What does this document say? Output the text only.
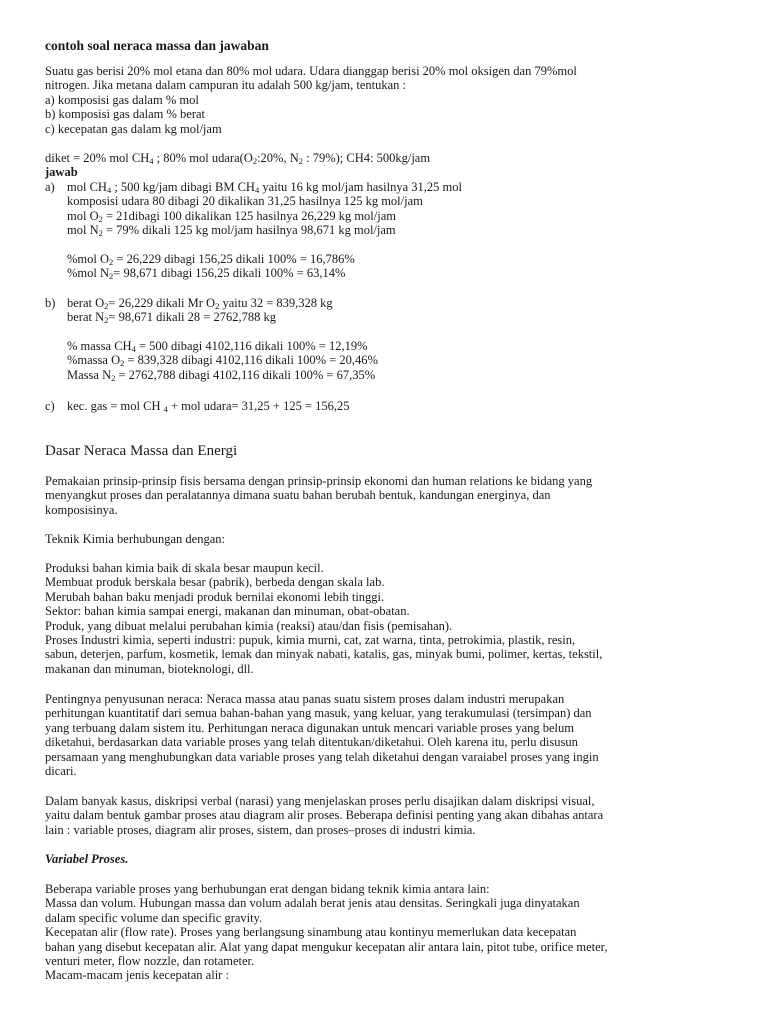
contoh soal neraca massa dan jawaban
Suatu gas berisi 20% mol etana dan 80% mol udara. Udara dianggap berisi 20% mol oksigen dan 79%mol
nitrogen. Jika metana dalam campuran itu adalah 500 kg/jam, tentukan :
a) komposisi gas dalam % mol
b) komposisi gas dalam % berat
c) kecepatan gas dalam kg mol/jam
diket = 20% mol $CH_4$ ; 80% mol $udara(O_2:20\%$, $N_2$ : 79%); CH4: 500kg/jam
jawab
a) mol $CH_4$ ; 500 kg/jam dibagi BM $CH_4$ yaitu 16 kg mol/jam hasilnya 31,25 mol
komposisi udara 80 dibagi 20 dikalikan 31,25 hasilnya 125 kg mol/jam
mol $O_2$ = 21dibagi 100 dikalikan 125 hasilnya 26,229 kg mol/jam
mol $N_2 = 79\%$ dikali 125 kg mol/jam hasilnya 98,671 kg mol/jam
%mol $O_2 = 26,229$ dibagi 156,25 dikali 100% = 16,786%
%mol $N_2= 98,671$ dibagi 156,25 dikali 100% = 63,14%
b) berat $O_2= 26,229$ dikali Mr $O_2$ yaitu 32 = 839,328 kg
berat $N_2= 98,671$ dikali 28 = 2762,788 kg
% massa $CH_4 = 500$ dibagi 4102,116 dikali 100% = 12,19%
%massa $O_2 = 839,328$ dibagi 4102,116 dikali 100% = 20,46%
Massa $N_2 = 2762,788$ dibagi 4102,116 dikali 100% = 67,35%
c) kec. gas = mol CH $_4$ + mol udara= 31,25 + 125 = 156,25
Dasar Neraca Massa dan Energi
Pemakaian prinsip-prinsip fisis bersama dengan prinsip-prinsip ekonomi dan human relations ke bidang yang
menyangkut proses dan peralatannya dimana suatu bahan berubah bentuk, kandungan energinya, dan
komposisinya.
Teknik Kimia berhubungan dengan:
Produksi bahan kimia baik di skala besar maupun kecil.
Membuat produk berskala besar (pabrik), berbeda dengan skala lab.
Merubah bahan baku menjadi produk bernilai ekonomi lebih tinggi.
Sektor: bahan kimia sampai energi, makanan dan minuman, obat-obatan.
Produk, yang dibuat melalui perubahan kimia (reaksi) atau/dan fisis (pemisahan).
Proses Industri kimia, seperti industri: pupuk, kimia murni, cat, zat warna, tinta, petrokimia, plastik, resin,
sabun, deterjen, parfum, kosmetik, lemak dan minyak nabati, katalis, gas, minyak bumi, polimer, kertas, tekstil,
makanan dan minuman, bioteknologi, dll.
Pentingnya penyusunan neraca: Neraca massa atau panas suatu sistem proses dalam industri merupakan
perhitungan kuantitatif dari semua bahan-bahan yang masuk, yang keluar, yang terakumulasi (tersimpan) dan
yang terbuang dalam sistem itu. Perhitungan neraca digunakan untuk mencari variable proses yang belum
diketahui, berdasarkan data variable proses yang telah ditentukan/diketahui. Oleh karena itu, perlu disusun
persamaan yang menghubungkan data variable proses yang telah diketahui dengan varaiabel proses yang ingin
dicari.
Dalam banyak kasus, diskripsi verbal (narasi) yang menjelaskan proses perlu disajikan dalam diskripsi visual,
yaitu dalam bentuk gambar proses atau diagram alir proses. Beberapa definisi penting yang akan dibahas antara
lain : variable proses, diagram alir proses, sistem, dan proses–proses di industri kimia.
Variabel Proses.
Beberapa variable proses yang berhubungan erat dengan bidang teknik kimia antara lain:
Massa dan volum. Hubungan massa dan volum adalah berat jenis atau densitas. Seringkali juga dinyatakan
dalam specific volume dan specific gravity.
Kecepatan alir (flow rate). Proses yang berlangsung sinambung atau kontinyu memerlukan data kecepatan
bahan yang disebut kecepatan alir. Alat yang dapat mengukur kecepatan alir antara lain, pitot tube, orifice meter,
venturi meter, flow nozzle, dan rotameter.
Macam-macam jenis kecepatan alir :
